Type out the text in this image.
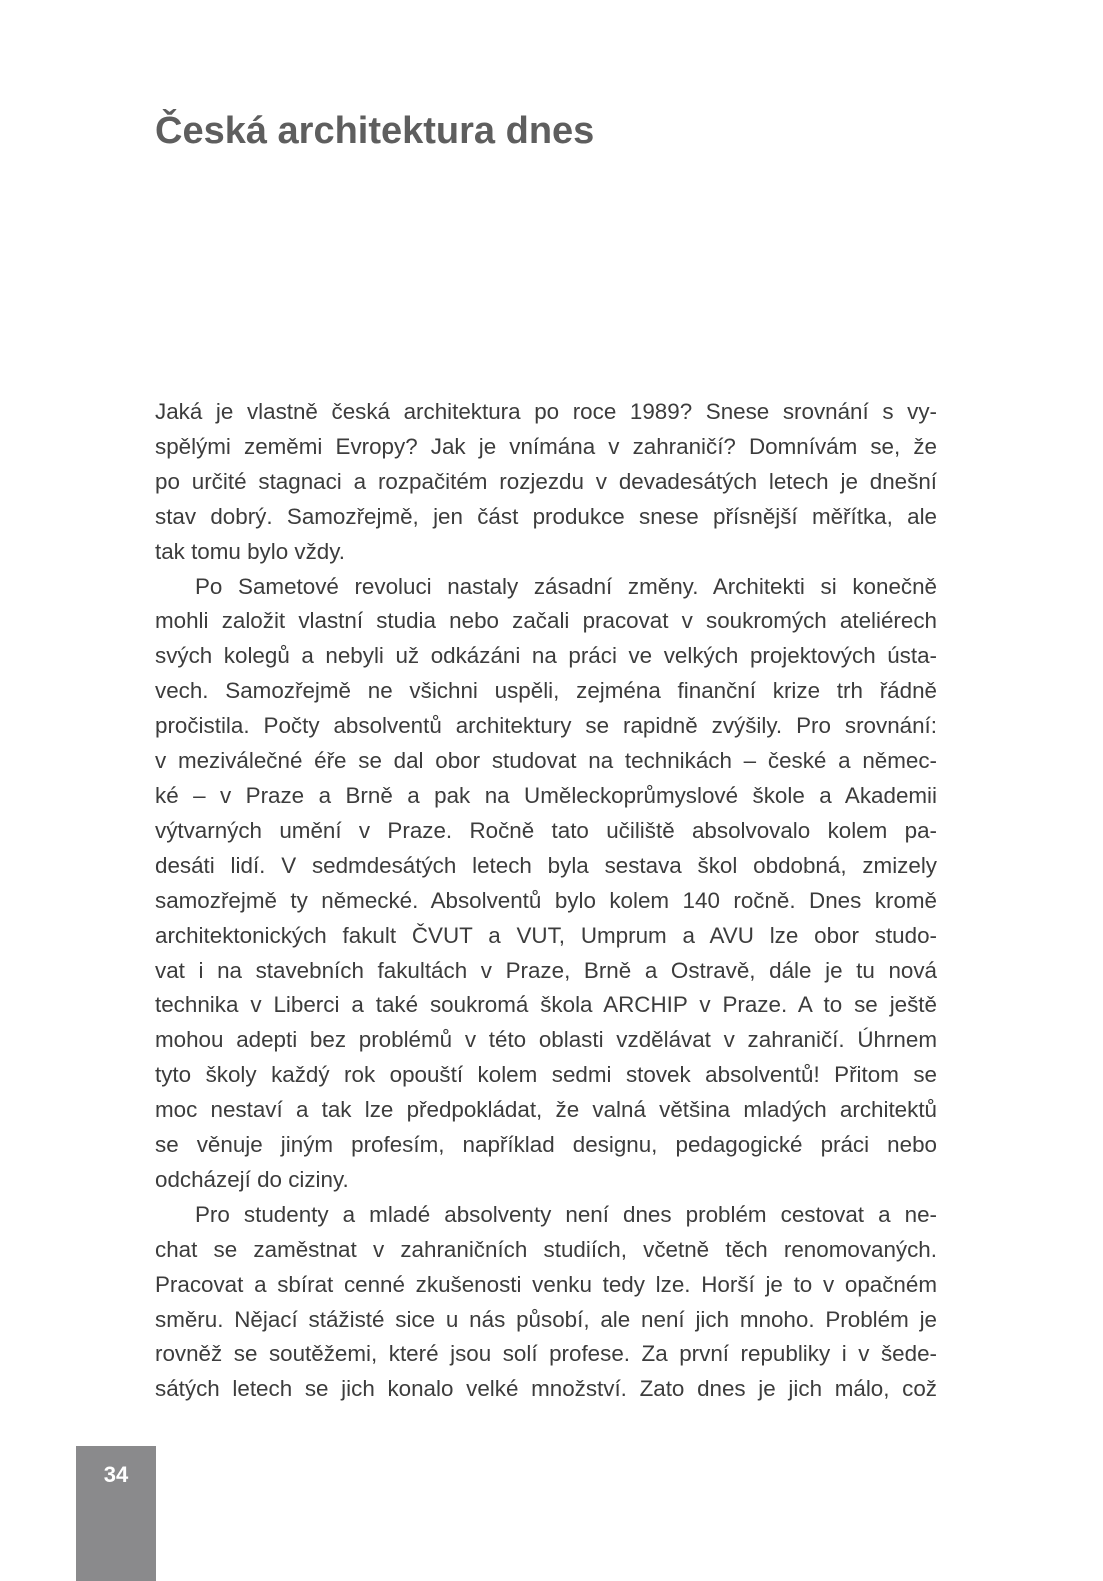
Česká architektura dnes

Jaká je vlastně česká architektura po roce 1989? Snese srovnání s vy-
spělými zeměmi Evropy? Jak je vnímána v zahraničí? Domnívám se, že
po určité stagnaci a rozpačitém rozjezdu v devadesátých letech je dnešní
stav dobrý. Samozřejmě, jen část produkce snese přísnější měřítka, ale
tak tomu bylo vždy.

Po Sametové revoluci nastaly zásadní změny. Architekti si konečně
mohli založit vlastní studia nebo začali pracovat v soukromých ateliérech
svých kolegů a nebyli už odkázáni na práci ve velkých projektových ústa-
vech. Samozřejmě ne všichni uspěli, zejména finanční krize trh řádně
pročistila. Počty absolventů architektury se rapidně zvýšily. Pro srovnání:
v meziválečné éře se dal obor studovat na technikách – české a němec-
ké – v Praze a Brně a pak na Uměleckoprůmyslové škole a Akademii
výtvarných umění v Praze. Ročně tato učiliště absolvovalo kolem pa-
desáti lidí. V sedmdesátých letech byla sestava škol obdobná, zmizely
samozřejmě ty německé. Absolventů bylo kolem 140 ročně. Dnes kromě
architektonických fakult ČVUT a VUT, Umprum a AVU lze obor studo-
vat i na stavebních fakultách v Praze, Brně a Ostravě, dále je tu nová
technika v Liberci a také soukromá škola ARCHIP v Praze. A to se ještě
mohou adepti bez problémů v této oblasti vzdělávat v zahraničí. Úhrnem
tyto školy každý rok opouští kolem sedmi stovek absolventů! Přitom se
moc nestaví a tak lze předpokládat, že valná většina mladých architektů
se věnuje jiným profesím, například designu, pedagogické práci nebo
odcházejí do ciziny.

Pro studenty a mladé absolventy není dnes problém cestovat a ne-
chat se zaměstnat v zahraničních studiích, včetně těch renomovaných.
Pracovat a sbírat cenné zkušenosti venku tedy lze. Horší je to v opačném
směru. Nějací stážisté sice u nás působí, ale není jich mnoho. Problém je
rovněž se soutěžemi, které jsou solí profese. Za první republiky i v šede-
sátých letech se jich konalo velké množství. Zato dnes je jich málo, což

34
